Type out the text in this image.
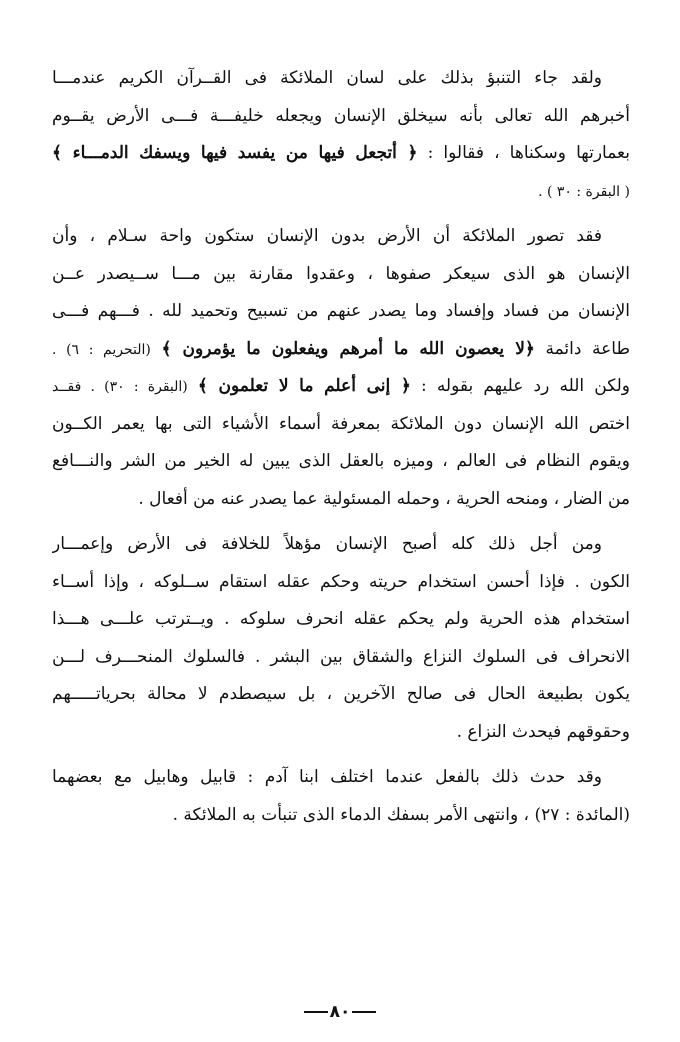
ولقد جاء التنبؤ بذلك على لسان الملائكة فى القــرآن الكريم عندمـــا
أخبرهم الله تعالى بأنه سيخلق الإنسان ويجعله خليفـــة فـــى الأرض يقــوم
بعمارتها وسكناها ، فقالوا : ﴿ أتجعل فيها من يفسد فيها ويسفك الدمـــاء ﴾
( البقرة : ٣٠ ) .
فقد تصور الملائكة أن الأرض بدون الإنسان ستكون واحة سـلام ، وأن
الإنسان هو الذى سيعكر صفوها ، وعقدوا مقارنة بين مـــا ســيصدر عــن
الإنسان من فساد وإفساد وما يصدر عنهم من تسبيح وتحميد لله . فـــهم فـــى
طاعة دائمة ﴿لا يعصون الله ما أمرهم ويفعلون ما يؤمرون ﴾ (التحريم : ٦) .
ولكن الله رد عليهم بقوله : ﴿ إنى أعلم ما لا تعلمون ﴾ (البقرة : ٣٠) . فقــد
اختص الله الإنسان دون الملائكة بمعرفة أسماء الأشياء التى بها يعمر الكــون
ويقوم النظام فى العالم ، وميزه بالعقل الذى يبين له الخير من الشر والنـــافع
من الضار ، ومنحه الحرية ، وحمله المسئولية عما يصدر عنه من أفعال .
ومن أجل ذلك كله أصبح الإنسان مؤهلاً للخلافة فى الأرض وإعمـــار
الكون . فإذا أحسن استخدام حريته وحكم عقله استقام ســلوكه ، وإذا أســاء
استخدام هذه الحرية ولم يحكم عقله انحرف سلوكه . ويــترتب علـــى هـــذا
الانحراف فى السلوك النزاع والشقاق بين البشر . فالسلوك المنحـــرف لـــن
يكون بطبيعة الحال فى صالح الآخرين ، بل سيصطدم لا محالة بحرياتـــــهم
وحقوقهم فيحدث النزاع .
وقد حدث ذلك بالفعل عندما اختلف ابنا آدم : قابيل وهابيل مع بعضهما
(المائدة : ٢٧) ، وانتهى الأمر بسفك الدماء الذى تنبأت به الملائكة .
٨٠
